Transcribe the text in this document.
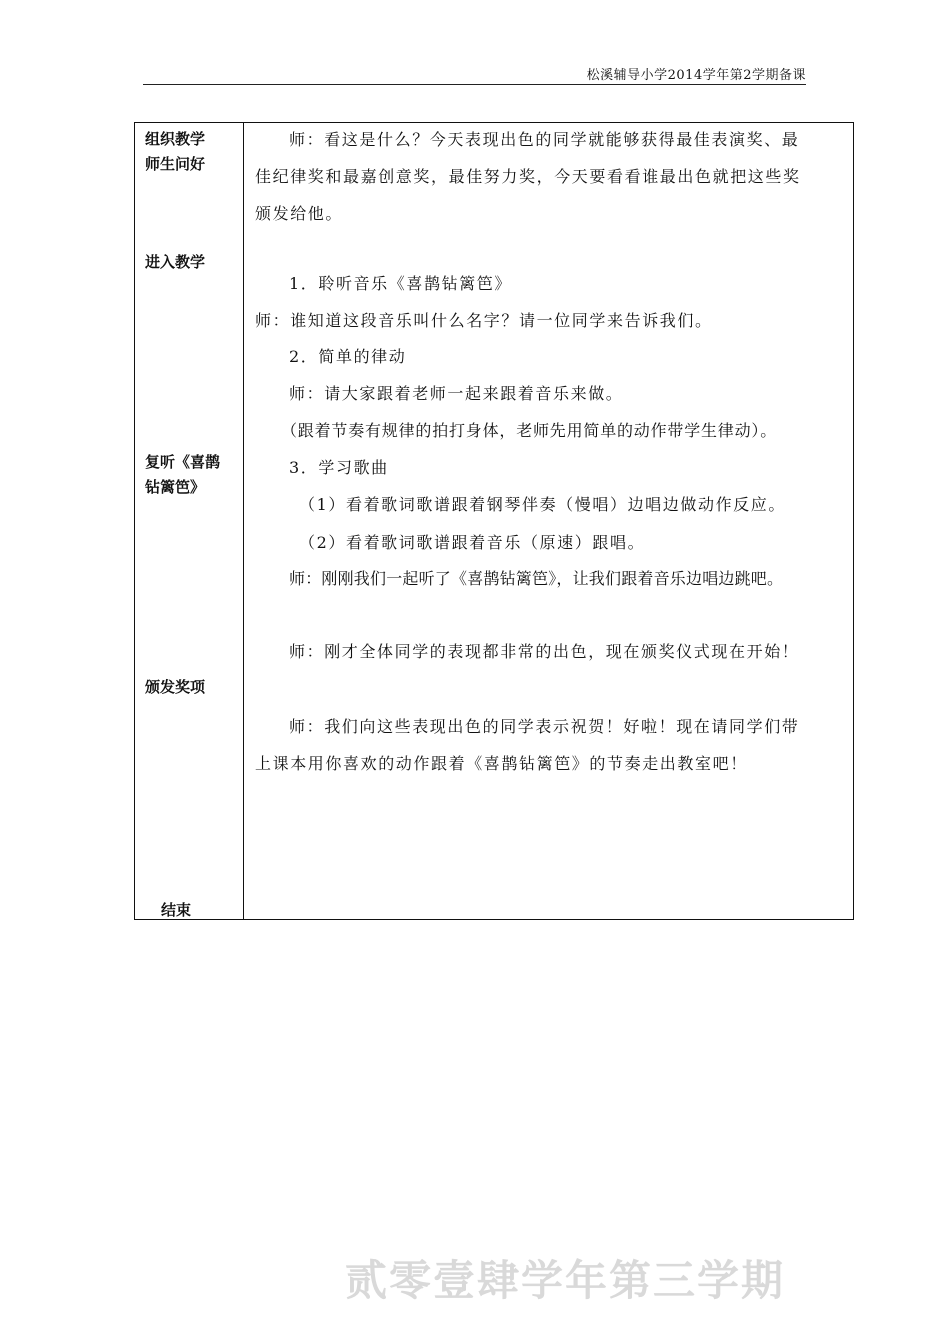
松溪辅导小学2014学年第2学期备课
组织教学
师生问好
进入教学
复听《喜鹊
钻篱笆》
颁发奖项
结束
师：看这是什么？今天表现出色的同学就能够获得最佳表演奖、最
佳纪律奖和最嘉创意奖，最佳努力奖，今天要看看谁最出色就把这些奖
颁发给他。
1．聆听音乐《喜鹊钻篱笆》
师：谁知道这段音乐叫什么名字？请一位同学来告诉我们。
2．简单的律动
师：请大家跟着老师一起来跟着音乐来做。
（跟着节奏有规律的拍打身体，老师先用简单的动作带学生律动）。
3．学习歌曲
（1）看着歌词歌谱跟着钢琴伴奏（慢唱）边唱边做动作反应。
（2）看着歌词歌谱跟着音乐（原速）跟唱。
师：刚刚我们一起听了《喜鹊钻篱笆》，让我们跟着音乐边唱边跳吧。
师：刚才全体同学的表现都非常的出色，现在颁奖仪式现在开始！
师：我们向这些表现出色的同学表示祝贺！好啦！现在请同学们带
上课本用你喜欢的动作跟着《喜鹊钻篱笆》的节奏走出教室吧！
贰零壹肆学年第三学期
